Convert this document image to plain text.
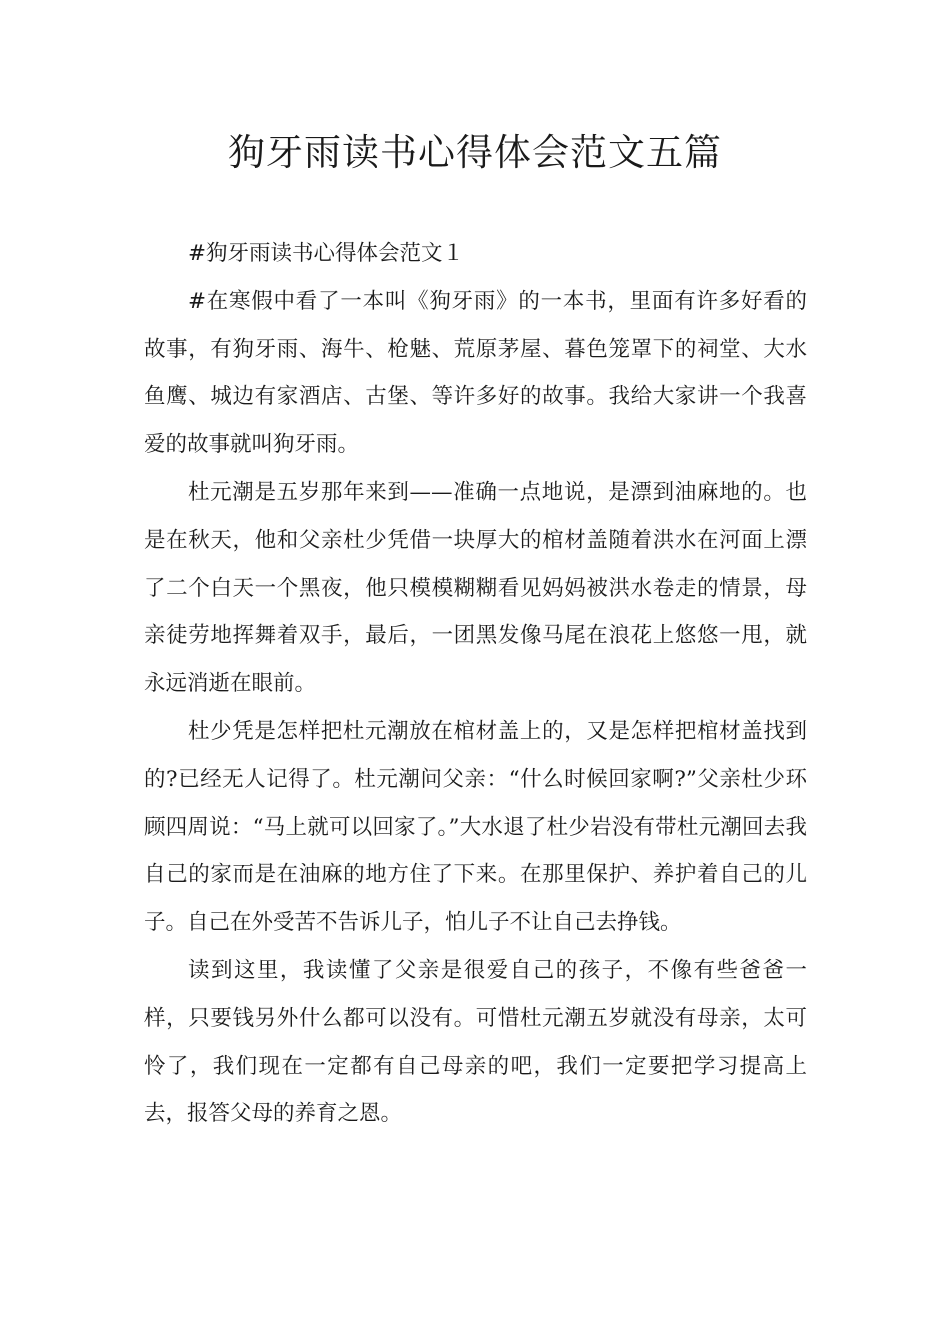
狗牙雨读书心得体会范文五篇

#狗牙雨读书心得体会范文１

#在寒假中看了一本叫《狗牙雨》的一本书，里面有许多好看的故事，有狗牙雨、海牛、枪魅、荒原茅屋、暮色笼罩下的祠堂、大水鱼鹰、城边有家酒店、古堡、等许多好的故事。我给大家讲一个我喜爱的故事就叫狗牙雨。

杜元潮是五岁那年来到——准确一点地说，是漂到油麻地的。也是在秋天，他和父亲杜少凭借一块厚大的棺材盖随着洪水在河面上漂了二个白天一个黑夜，他只模模糊糊看见妈妈被洪水卷走的情景，母亲徒劳地挥舞着双手，最后，一团黑发像马尾在浪花上悠悠一甩，就永远消逝在眼前。

杜少凭是怎样把杜元潮放在棺材盖上的，又是怎样把棺材盖找到的?已经无人记得了。杜元潮问父亲：“什么时候回家啊?”父亲杜少环顾四周说：“马上就可以回家了。”大水退了杜少岩没有带杜元潮回去我自己的家而是在油麻的地方住了下来。在那里保护、养护着自己的儿子。自己在外受苦不告诉儿子，怕儿子不让自己去挣钱。

读到这里，我读懂了父亲是很爱自己的孩子，不像有些爸爸一样，只要钱另外什么都可以没有。可惜杜元潮五岁就没有母亲，太可怜了，我们现在一定都有自己母亲的吧，我们一定要把学习提高上去，报答父母的养育之恩。
